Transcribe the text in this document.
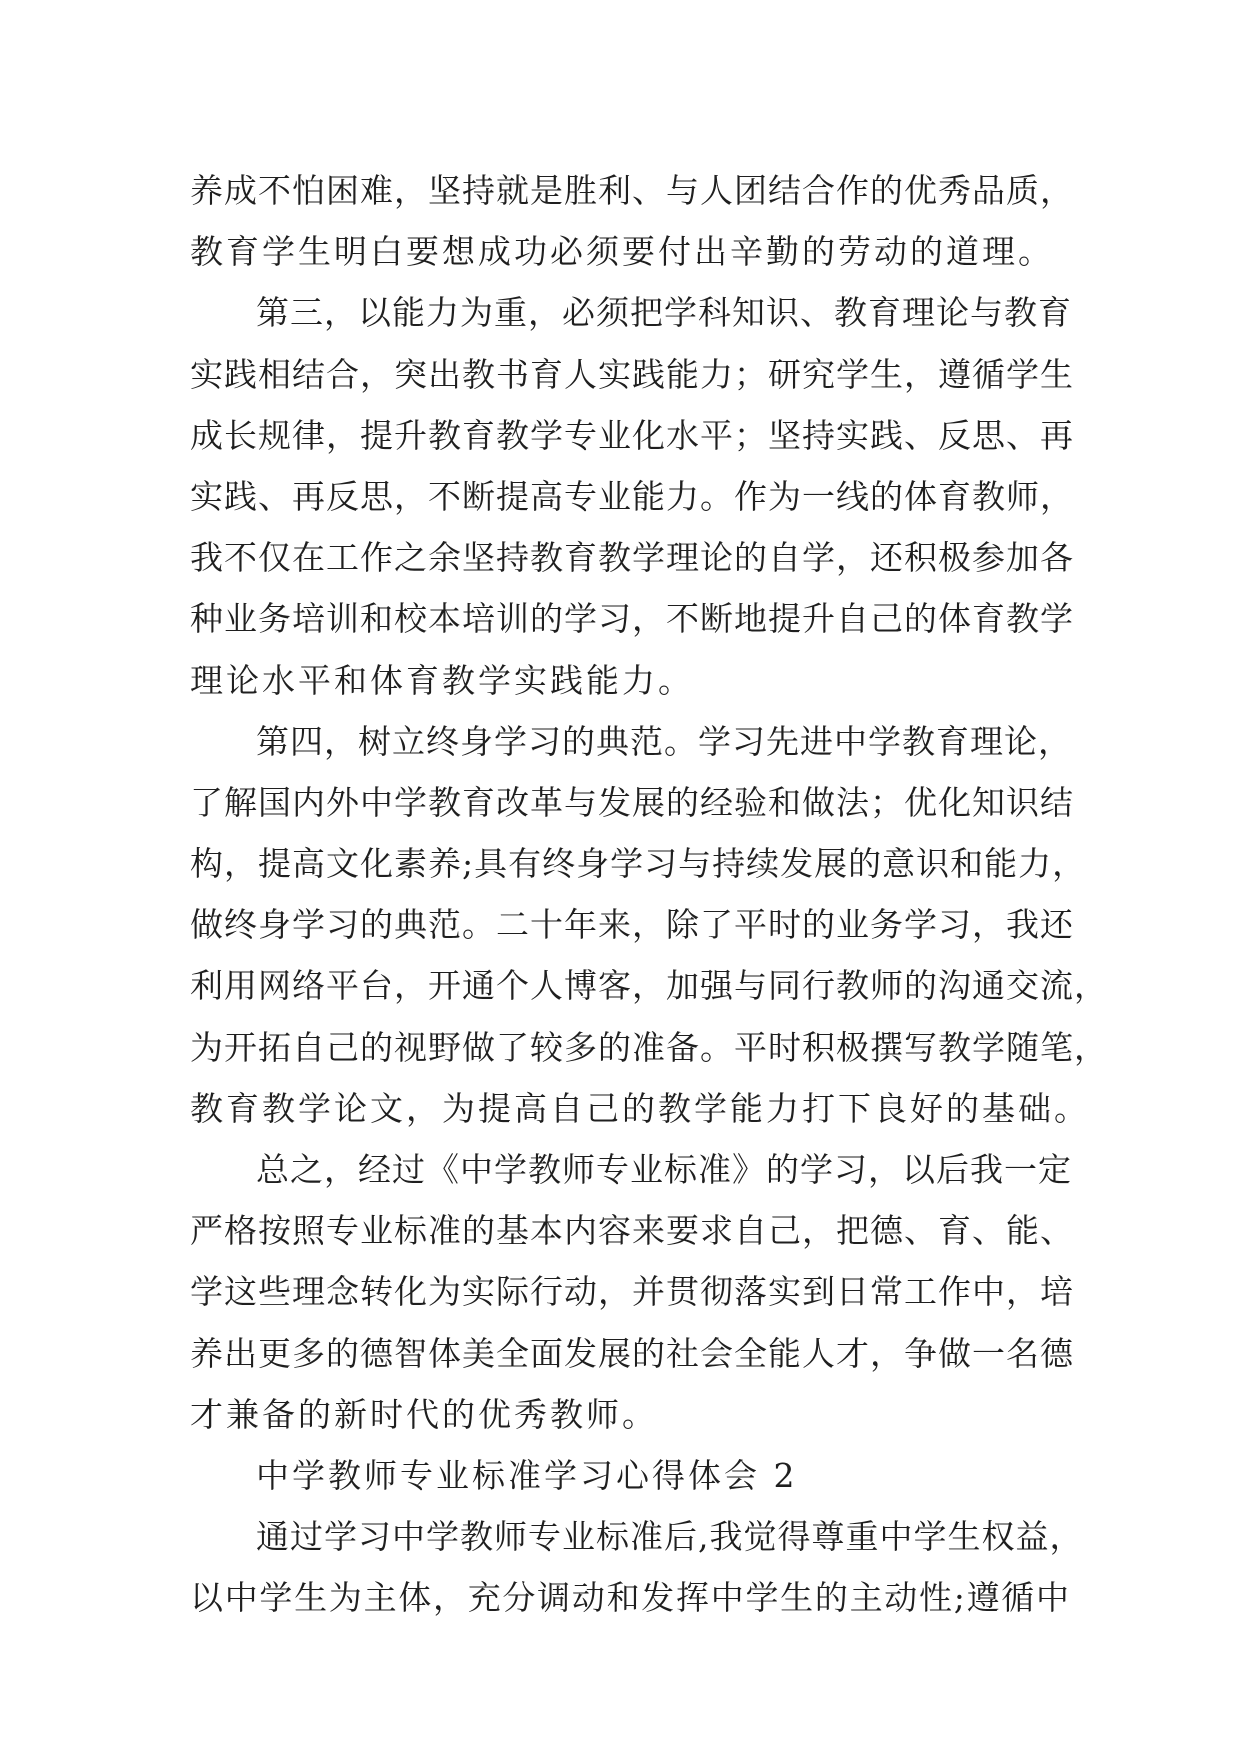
养成不怕困难，坚持就是胜利、与人团结合作的优秀品质，
教育学生明白要想成功必须要付出辛勤的劳动的道理。
第三，以能力为重，必须把学科知识、教育理论与教育
实践相结合，突出教书育人实践能力；研究学生，遵循学生
成长规律，提升教育教学专业化水平；坚持实践、反思、再
实践、再反思，不断提高专业能力。作为一线的体育教师，
我不仅在工作之余坚持教育教学理论的自学，还积极参加各
种业务培训和校本培训的学习，不断地提升自己的体育教学
理论水平和体育教学实践能力。
第四，树立终身学习的典范。学习先进中学教育理论，
了解国内外中学教育改革与发展的经验和做法；优化知识结
构，提高文化素养;具有终身学习与持续发展的意识和能力，
做终身学习的典范。二十年来，除了平时的业务学习，我还
利用网络平台，开通个人博客，加强与同行教师的沟通交流，
为开拓自己的视野做了较多的准备。平时积极撰写教学随笔，
教育教学论文，为提高自己的教学能力打下良好的基础。
总之，经过《中学教师专业标准》的学习，以后我一定
严格按照专业标准的基本内容来要求自己，把德、育、能、
学这些理念转化为实际行动，并贯彻落实到日常工作中，培
养出更多的德智体美全面发展的社会全能人才，争做一名德
才兼备的新时代的优秀教师。
中学教师专业标准学习心得体会 2
通过学习中学教师专业标准后,我觉得尊重中学生权益，
以中学生为主体，充分调动和发挥中学生的主动性;遵循中
